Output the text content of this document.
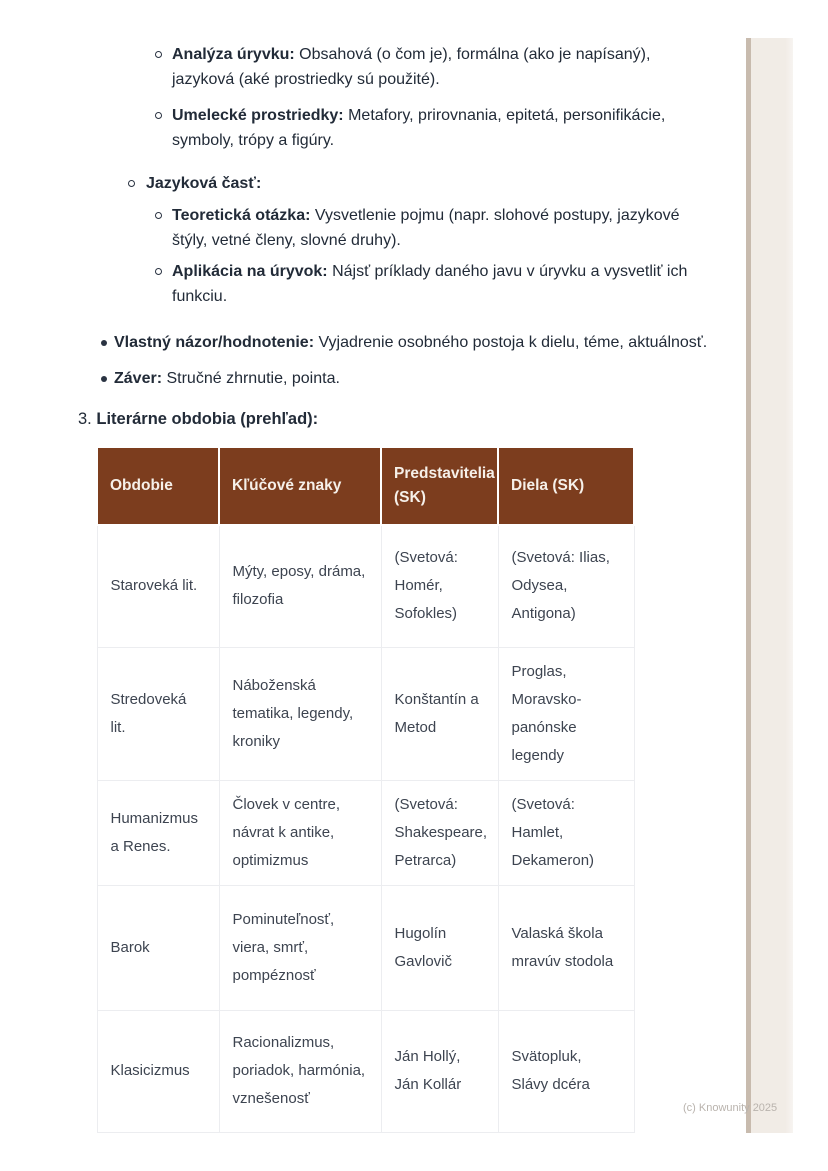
Analýza úryvku: Obsahová (o čom je), formálna (ako je napísaný), jazyková (aké prostriedky sú použité).

Umelecké prostriedky: Metafory, prirovnania, epitetá, personifikácie, symboly, trópy a figúry.

Jazyková časť:

Teoretická otázka: Vysvetlenie pojmu (napr. slohové postupy, jazykové štýly, vetné členy, slovné druhy).

Aplikácia na úryvok: Nájsť príklady daného javu v úryvku a vysvetliť ich funkciu.

Vlastný názor/hodnotenie: Vyjadrenie osobného postoja k dielu, téme, aktuálnosť.

Záver: Stručné zhrnutie, pointa.

3. Literárne obdobia (prehľad):
Obdobie	Kľúčové znaky	Predstavitelia (SK)	Diela (SK)
Staroveká lit.	Mýty, eposy, dráma, filozofia	(Svetová: Homér, Sofokles)	(Svetová: Ilias, Odysea, Antigona)
Stredoveká lit.	Náboženská tematika, legendy, kroniky	Konštantín a Metod	Proglas, Moravsko-panónske legendy
Humanizmus a Renes.	Človek v centre, návrat k antike, optimizmus	(Svetová: Shakespeare, Petrarca)	(Svetová: Hamlet, Dekameron)
Barok	Pominuteľnosť, viera, smrť, pompéznosť	Hugolín Gavlovič	Valaská škola mravúv stodola
Klasicizmus	Racionalizmus, poriadok, harmónia, vznešenosť	Ján Hollý, Ján Kollár	Svätopluk, Slávy dcéra
(c) Knowunity 2025
